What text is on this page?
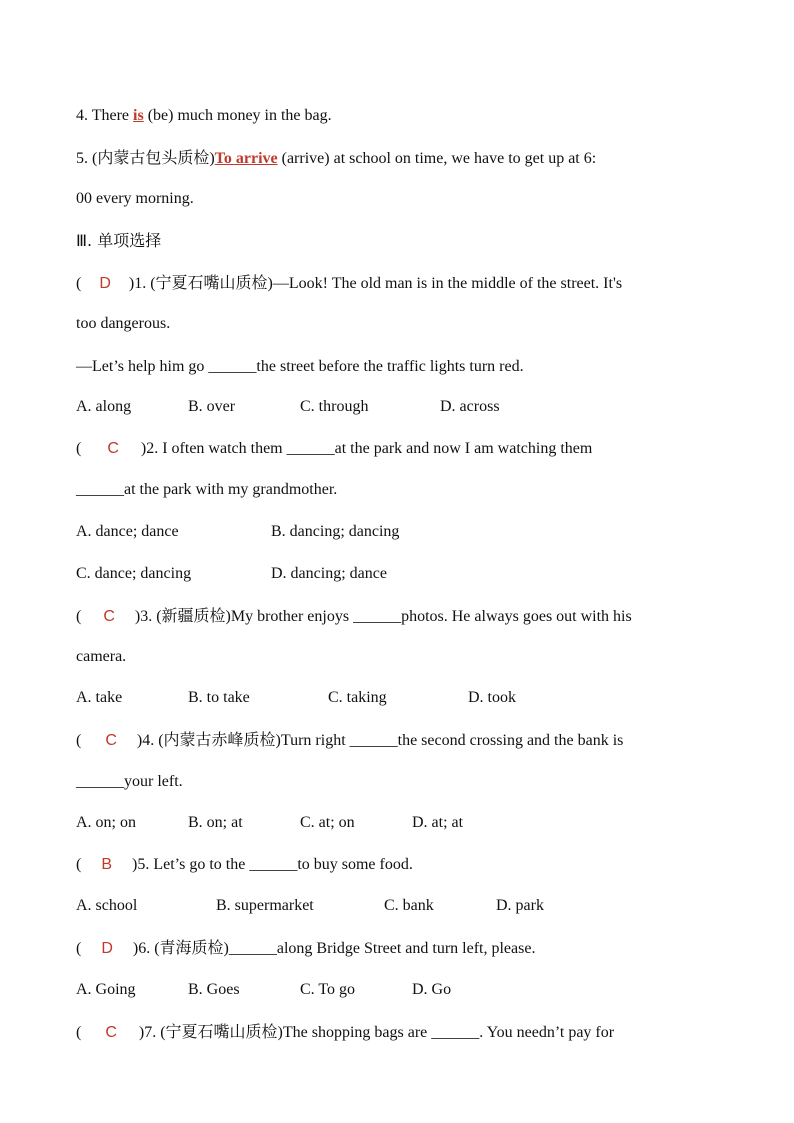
4. There is (be) much money in the bag.
5. (内蒙古包头质检)To arrive (arrive) at school on time, we have to get up at 6:
00 every morning.
Ⅲ. 单项选择
( D )1. (宁夏石嘴山质检)—Look! The old man is in the middle of the street. It's
too dangerous.
—Let’s help him go ______the street before the traffic lights turn red.
A. along	B. over	C. through	D. across
( C )2. I often watch them ______at the park and now I am watching them
______at the park with my grandmother.
A. dance; dance	B. dancing; dancing
C. dance; dancing	D. dancing; dance
( C )3. (新疆质检)My brother enjoys ______photos. He always goes out with his
camera.
A. take	B. to take	C. taking	D. took
( C )4. (内蒙古赤峰质检)Turn right ______the second crossing and the bank is
______your left.
A. on; on	B. on; at	C. at; on	D. at; at
( B )5. Let’s go to the ______to buy some food.
A. school	B. supermarket	C. bank	D. park
( D )6. (青海质检)______along Bridge Street and turn left, please.
A. Going	B. Goes	C. To go	D. Go
( C )7. (宁夏石嘴山质检)The shopping bags are ______. You needn’t pay for
